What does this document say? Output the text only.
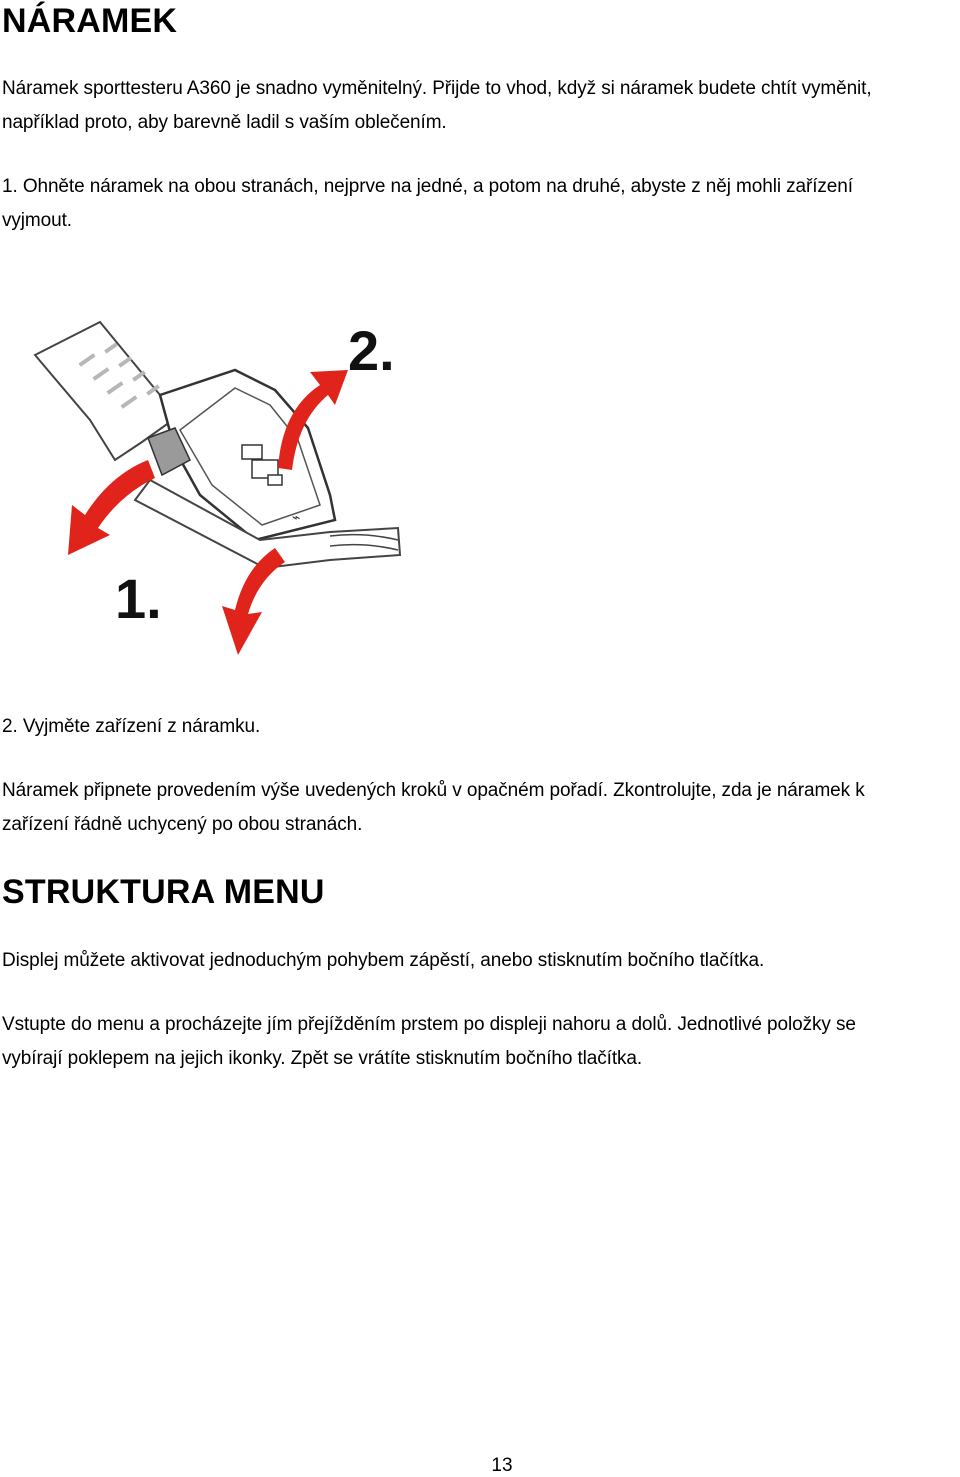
NÁRAMEK

Náramek sporttesteru A360 je snadno vyměnitelný. Přijde to vhod, když si náramek budete chtít vyměnit,

například proto, aby barevně ladil s vaším oblečením.

1. Ohněte náramek na obou stranách, nejprve na jedné, a potom na druhé, abyste z něj mohli zařízení

vyjmout.

⌁
2.
1.

2. Vyjměte zařízení z náramku.

Náramek připnete provedením výše uvedených kroků v opačném pořadí. Zkontrolujte, zda je náramek k

zařízení řádně uchycený po obou stranách.

STRUKTURA MENU

Displej můžete aktivovat jednoduchým pohybem zápěstí, anebo stisknutím bočního tlačítka.

Vstupte do menu a procházejte jím přejížděním prstem po displeji nahoru a dolů. Jednotlivé položky se

vybírají poklepem na jejich ikonky. Zpět se vrátíte stisknutím bočního tlačítka.

13
